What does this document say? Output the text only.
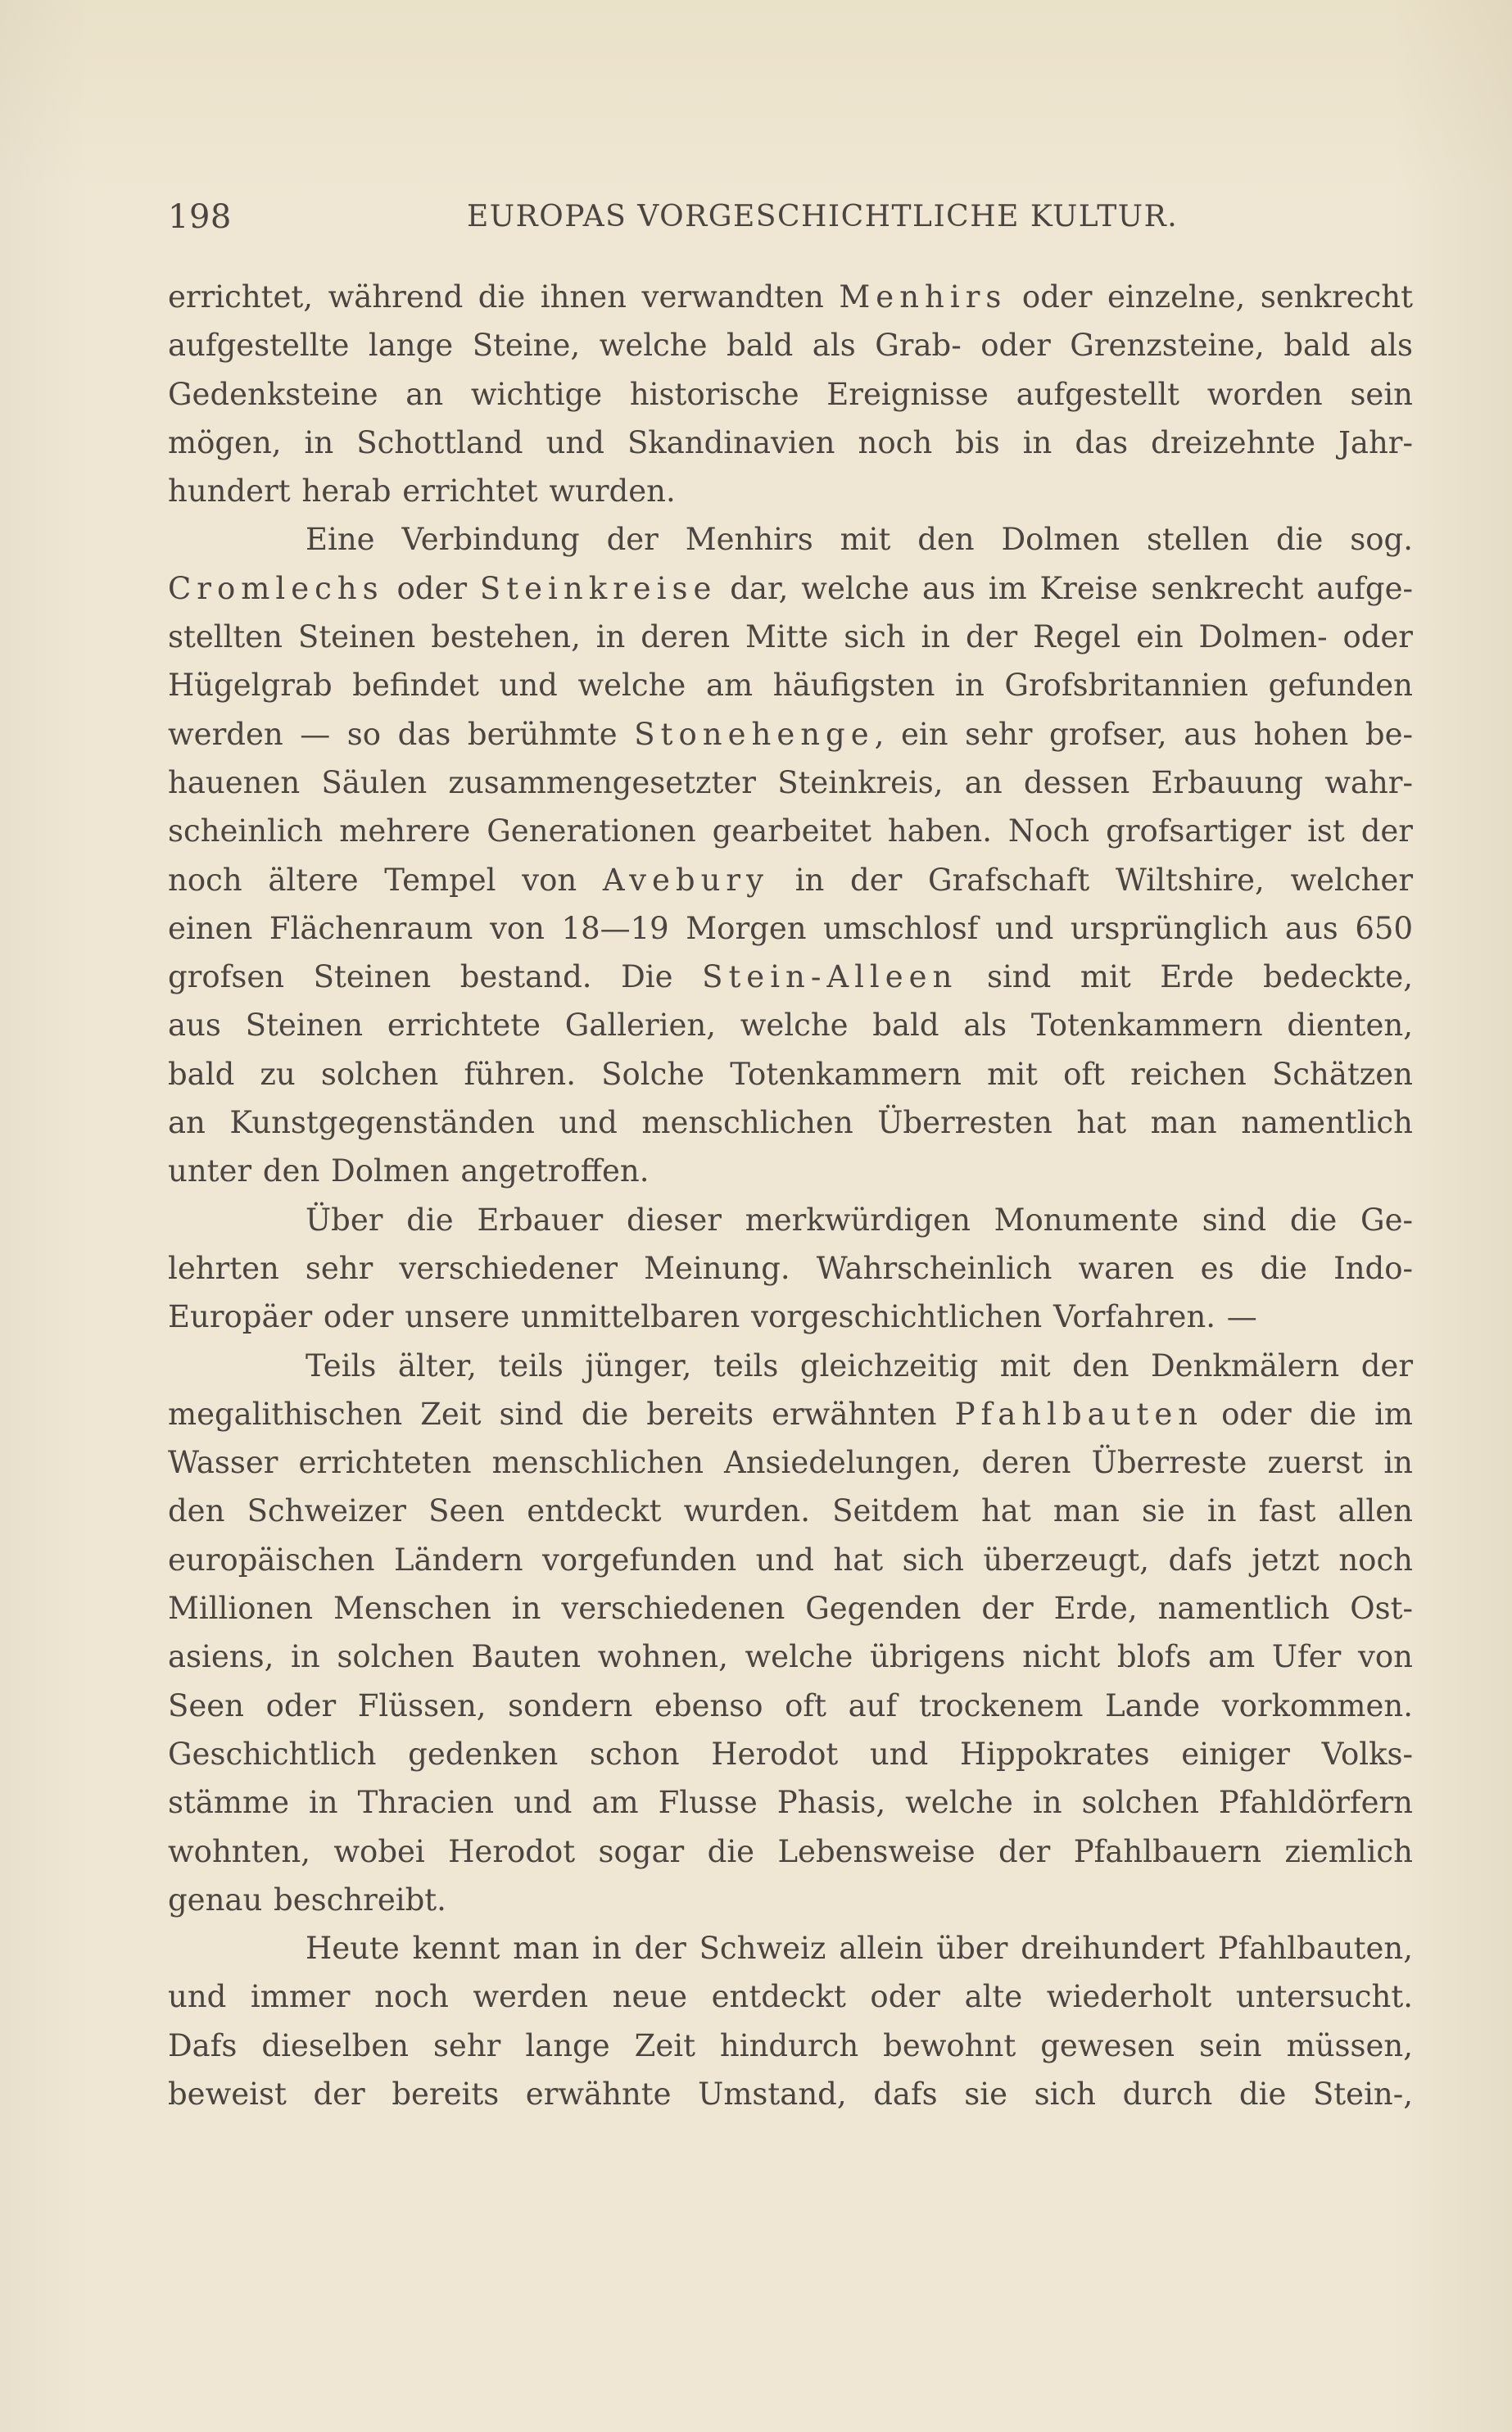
198	EUROPAS VORGESCHICHTLICHE KULTUR.
errichtet, während die ihnen verwandten Menhirs oder einzelne, senkrecht
aufgestellte lange Steine, welche bald als Grab- oder Grenzsteine, bald als
Gedenksteine an wichtige historische Ereignisse aufgestellt worden sein
mögen, in Schottland und Skandinavien noch bis in das dreizehnte Jahr-
hundert herab errichtet wurden.
Eine Verbindung der Menhirs mit den Dolmen stellen die sog.
Cromlechs oder Steinkreise dar, welche aus im Kreise senkrecht aufge-
stellten Steinen bestehen, in deren Mitte sich in der Regel ein Dolmen- oder
Hügelgrab befindet und welche am häufigsten in Grofsbritannien gefunden
werden — so das berühmte Stonehenge, ein sehr grofser, aus hohen be-
hauenen Säulen zusammengesetzter Steinkreis, an dessen Erbauung wahr-
scheinlich mehrere Generationen gearbeitet haben. Noch grofsartiger ist der
noch ältere Tempel von Avebury in der Grafschaft Wiltshire, welcher
einen Flächenraum von 18—19 Morgen umschlosf und ursprünglich aus 650
grofsen Steinen bestand. Die Stein-Alleen sind mit Erde bedeckte,
aus Steinen errichtete Gallerien, welche bald als Totenkammern dienten,
bald zu solchen führen. Solche Totenkammern mit oft reichen Schätzen
an Kunstgegenständen und menschlichen Überresten hat man namentlich
unter den Dolmen angetroffen.
Über die Erbauer dieser merkwürdigen Monumente sind die Ge-
lehrten sehr verschiedener Meinung. Wahrscheinlich waren es die Indo-
Europäer oder unsere unmittelbaren vorgeschichtlichen Vorfahren. —
Teils älter, teils jünger, teils gleichzeitig mit den Denkmälern der
megalithischen Zeit sind die bereits erwähnten Pfahlbauten oder die im
Wasser errichteten menschlichen Ansiedelungen, deren Überreste zuerst in
den Schweizer Seen entdeckt wurden. Seitdem hat man sie in fast allen
europäischen Ländern vorgefunden und hat sich überzeugt, dafs jetzt noch
Millionen Menschen in verschiedenen Gegenden der Erde, namentlich Ost-
asiens, in solchen Bauten wohnen, welche übrigens nicht blofs am Ufer von
Seen oder Flüssen, sondern ebenso oft auf trockenem Lande vorkommen.
Geschichtlich gedenken schon Herodot und Hippokrates einiger Volks-
stämme in Thracien und am Flusse Phasis, welche in solchen Pfahldörfern
wohnten, wobei Herodot sogar die Lebensweise der Pfahlbauern ziemlich
genau beschreibt.
Heute kennt man in der Schweiz allein über dreihundert Pfahlbauten,
und immer noch werden neue entdeckt oder alte wiederholt untersucht.
Dafs dieselben sehr lange Zeit hindurch bewohnt gewesen sein müssen,
beweist der bereits erwähnte Umstand, dafs sie sich durch die Stein-,
